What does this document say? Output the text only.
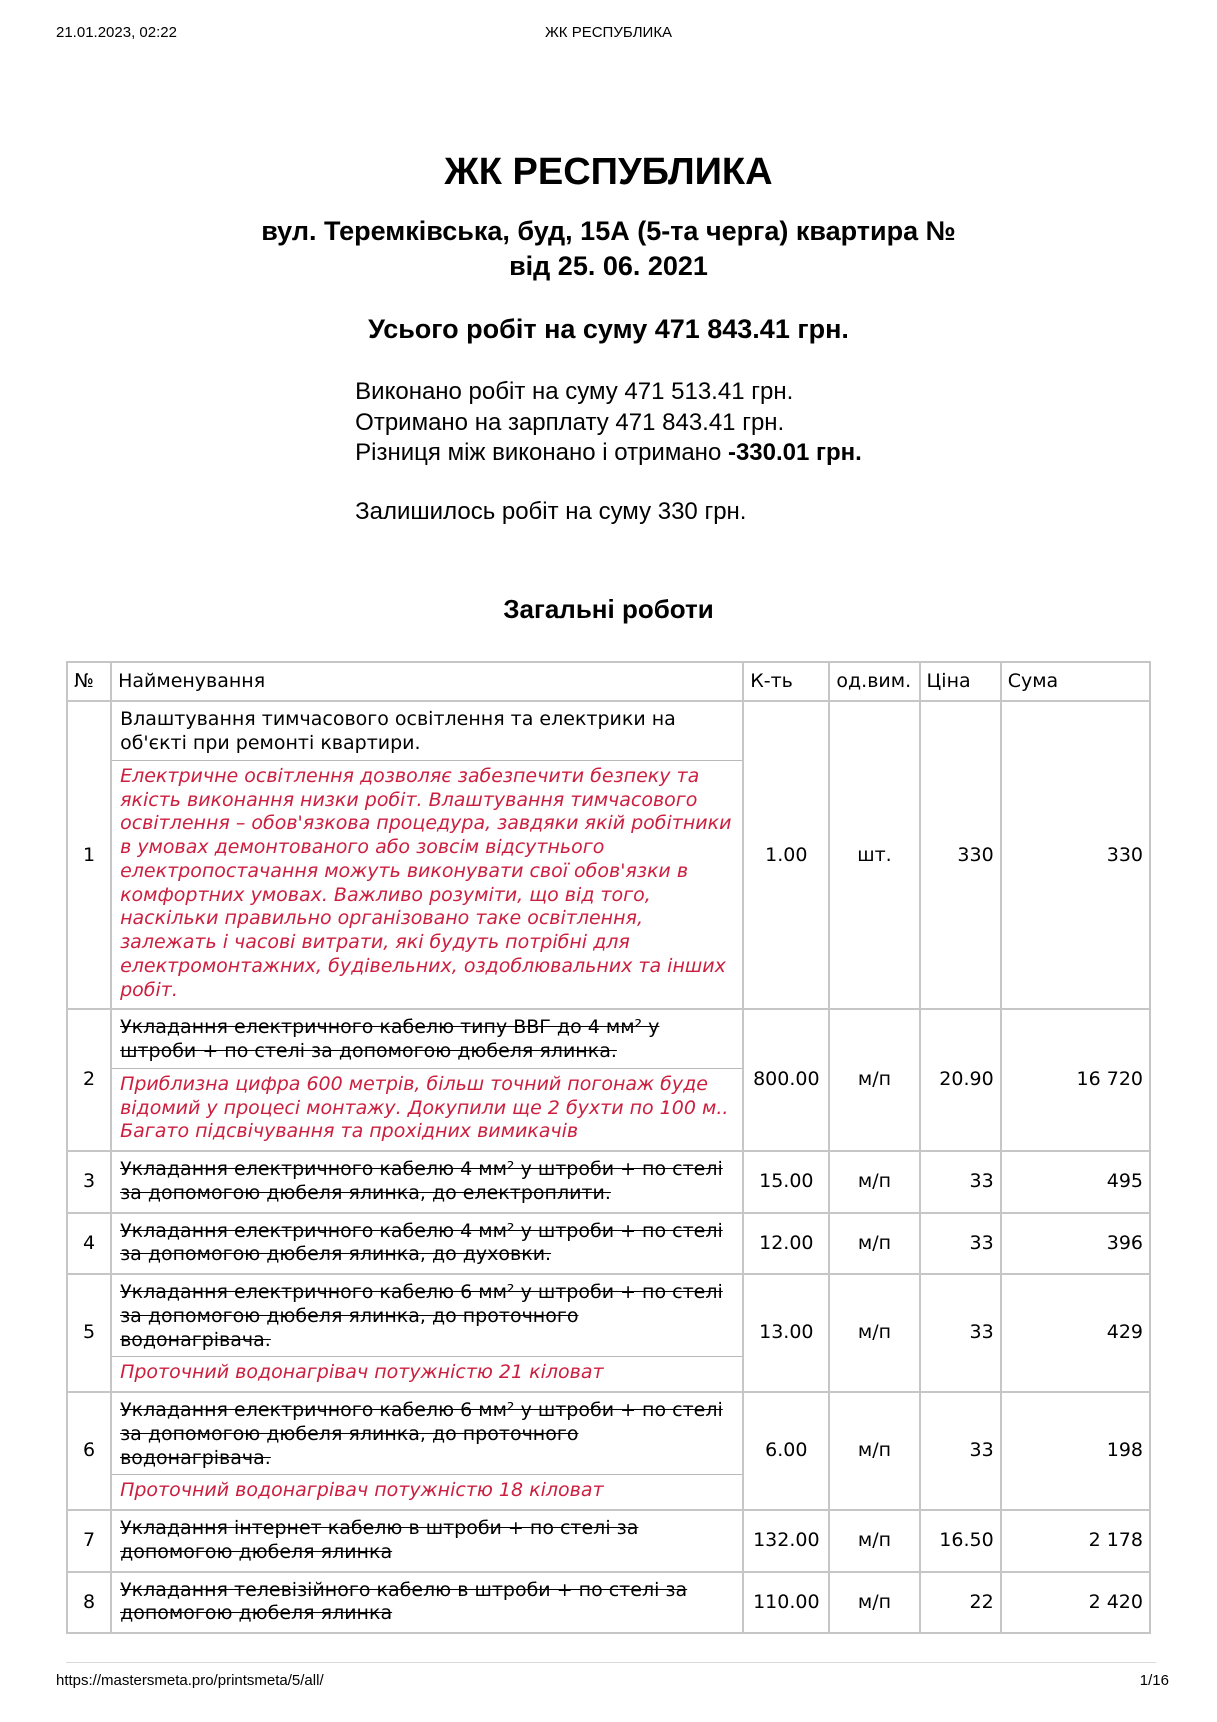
21.01.2023, 02:22	ЖК РЕСПУБЛИКА
ЖК РЕСПУБЛИКА
вул. Теремківська, буд, 15А (5-та черга) квартира №
від 25. 06. 2021
Усього робіт на суму 471 843.41 грн.
Виконано робіт на суму 471 513.41 грн.
Отримано на зарплату 471 843.41 грн.
Різниця між виконано і отримано -330.01 грн.
Залишилось робіт на суму 330 грн.
Загальні роботи
№	Найменування	К-ть	од.вим.	Ціна	Сума
1	Влаштування тимчасового освітлення та електрики на об'єкті при ремонті квартири.
Електричне освітлення дозволяє забезпечити безпеку та якість виконання низки робіт. Влаштування тимчасового освітлення – обов'язкова процедура, завдяки якій робітники в умовах демонтованого або зовсім відсутнього електропостачання можуть виконувати свої обов'язки в комфортних умовах. Важливо розуміти, що від того, наскільки правильно організовано таке освітлення, залежать і часові витрати, які будуть потрібні для електромонтажних, будівельних, оздоблювальних та інших робіт.	1.00	шт.	330	330
2	Укладання електричного кабелю типу ВВГ до 4 мм² у штроби + по стелі за допомогою дюбеля ялинка.
Приблизна цифра 600 метрів, більш точний погонаж буде відомий у процесі монтажу. Докупили ще 2 бухти по 100 м.. Багато підсвічування та прохідних вимикачів	800.00	м/п	20.90	16 720
3	Укладання електричного кабелю 4 мм² у штроби + по стелі за допомогою дюбеля ялинка, до електроплити.	15.00	м/п	33	495
4	Укладання електричного кабелю 4 мм² у штроби + по стелі за допомогою дюбеля ялинка, до духовки.	12.00	м/п	33	396
5	Укладання електричного кабелю 6 мм² у штроби + по стелі за допомогою дюбеля ялинка, до проточного водонагрівача.
Проточний водонагрівач потужністю 21 кіловат	13.00	м/п	33	429
6	Укладання електричного кабелю 6 мм² у штроби + по стелі за допомогою дюбеля ялинка, до проточного водонагрівача.
Проточний водонагрівач потужністю 18 кіловат	6.00	м/п	33	198
7	Укладання інтернет кабелю в штроби + по стелі за допомогою дюбеля ялинка	132.00	м/п	16.50	2 178
8	Укладання телевізійного кабелю в штроби + по стелі за допомогою дюбеля ялинка	110.00	м/п	22	2 420
https://mastersmeta.pro/printsmeta/5/all/	1/16
